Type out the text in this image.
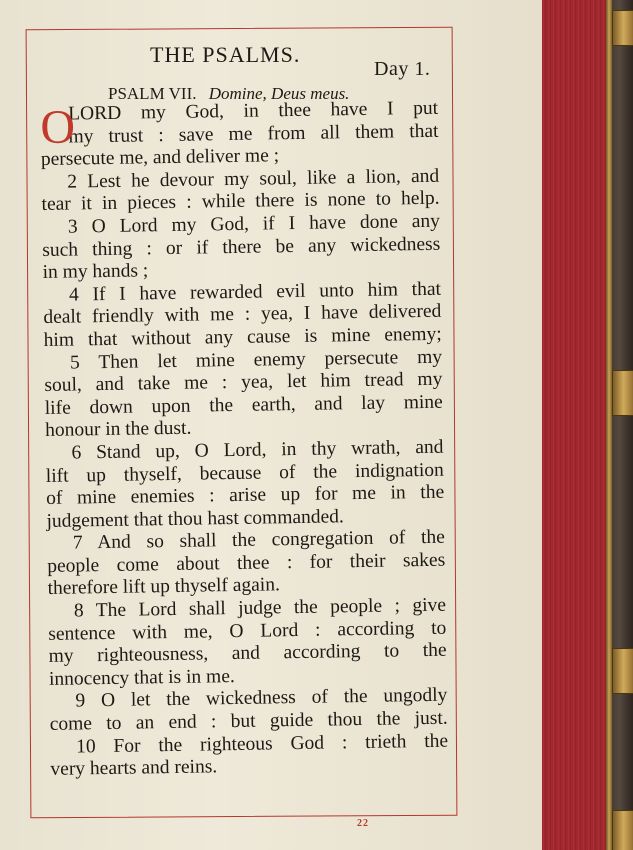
THE PSALMS.
Day 1.
PSALM VII. Domine, Deus meus.
O
LORD my God, in thee have I put
my trust : save me from all them that
persecute me, and deliver me ;
2 Lest he devour my soul, like a lion, and
tear it in pieces : while there is none to help.
3 O Lord my God, if I have done any
such thing : or if there be any wickedness
in my hands ;
4 If I have rewarded evil unto him that
dealt friendly with me : yea, I have delivered
him that without any cause is mine enemy;
5 Then let mine enemy persecute my
soul, and take me : yea, let him tread my
life down upon the earth, and lay mine
honour in the dust.
6 Stand up, O Lord, in thy wrath, and
lift up thyself, because of the indignation
of mine enemies : arise up for me in the
judgement that thou hast commanded.
7 And so shall the congregation of the
people come about thee : for their sakes
therefore lift up thyself again.
8 The Lord shall judge the people ; give
sentence with me, O Lord : according to
my righteousness, and according to the
innocency that is in me.
9 O let the wickedness of the ungodly
come to an end : but guide thou the just.
10 For the righteous God : trieth the
very hearts and reins.
22
